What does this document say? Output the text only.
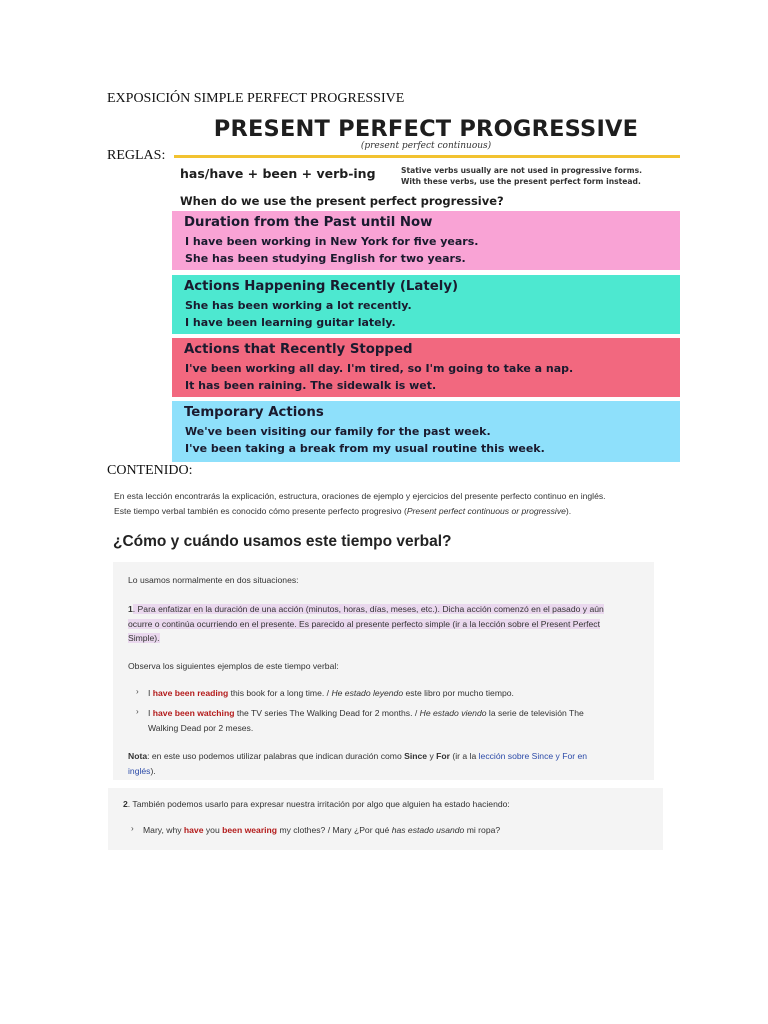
EXPOSICIÓN SIMPLE PERFECT PROGRESSIVE
REGLAS:
CONTENIDO:
PRESENT PERFECT PROGRESSIVE
(present perfect continuous)
has/have + been + verb-ing	Stative verbs usually are not used in progressive forms.
With these verbs, use the present perfect form instead.
When do we use the present perfect progressive?
Duration from the Past until Now
I have been working in New York for five years.
She has been studying English for two years.
Actions Happening Recently (Lately)
She has been working a lot recently.
I have been learning guitar lately.
Actions that Recently Stopped
I've been working all day. I'm tired, so I'm going to take a nap.
It has been raining. The sidewalk is wet.
Temporary Actions
We've been visiting our family for the past week.
I've been taking a break from my usual routine this week.
En esta lección encontrarás la explicación, estructura, oraciones de ejemplo y ejercicios del presente perfecto continuo en inglés.
Este tiempo verbal también es conocido cómo presente perfecto progresivo (Present perfect continuous or progressive).
¿Cómo y cuándo usamos este tiempo verbal?
Lo usamos normalmente en dos situaciones:
1. Para enfatizar en la duración de una acción (minutos, horas, días, meses, etc.). Dicha acción comenzó en el pasado y aún
ocurre o continúa ocurriendo en el presente. Es parecido al presente perfecto simple (ir a la lección sobre el Present Perfect
Simple).
Observa los siguientes ejemplos de este tiempo verbal:
› I have been reading this book for a long time. / He estado leyendo este libro por mucho tiempo.
› I have been watching the TV series The Walking Dead for 2 months. / He estado viendo la serie de televisión The
Walking Dead por 2 meses.
Nota: en este uso podemos utilizar palabras que indican duración como Since y For (ir a la lección sobre Since y For en
inglés).
2. También podemos usarlo para expresar nuestra irritación por algo que alguien ha estado haciendo:
› Mary, why have you been wearing my clothes? / Mary ¿Por qué has estado usando mi ropa?
